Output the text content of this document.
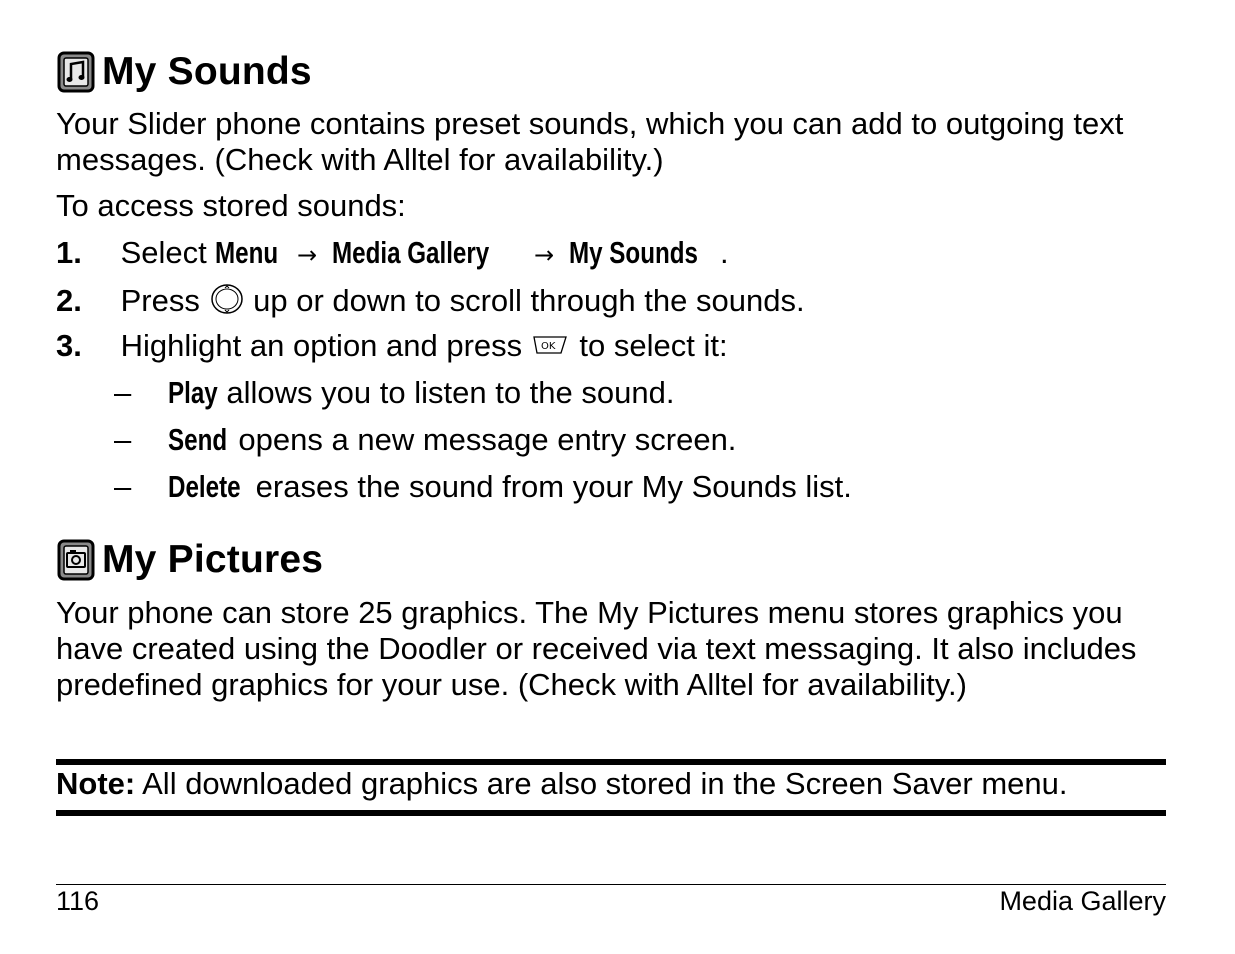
My Sounds

Your Slider phone contains preset sounds, which you can add to outgoing text messages. (Check with Alltel for availability.)

To access stored sounds:

1. Select Menu → Media Gallery → My Sounds .
2. Press up or down to scroll through the sounds.
3. Highlight an option and press OK to select it:
– Play allows you to listen to the sound.
– Send opens a new message entry screen.
– Delete erases the sound from your My Sounds list.
My Pictures

Your phone can store 25 graphics. The My Pictures menu stores graphics you have created using the Doodler or received via text messaging. It also includes predefined graphics for your use. (Check with Alltel for availability.)

Note: All downloaded graphics are also stored in the Screen Saver menu.
116	Media Gallery
